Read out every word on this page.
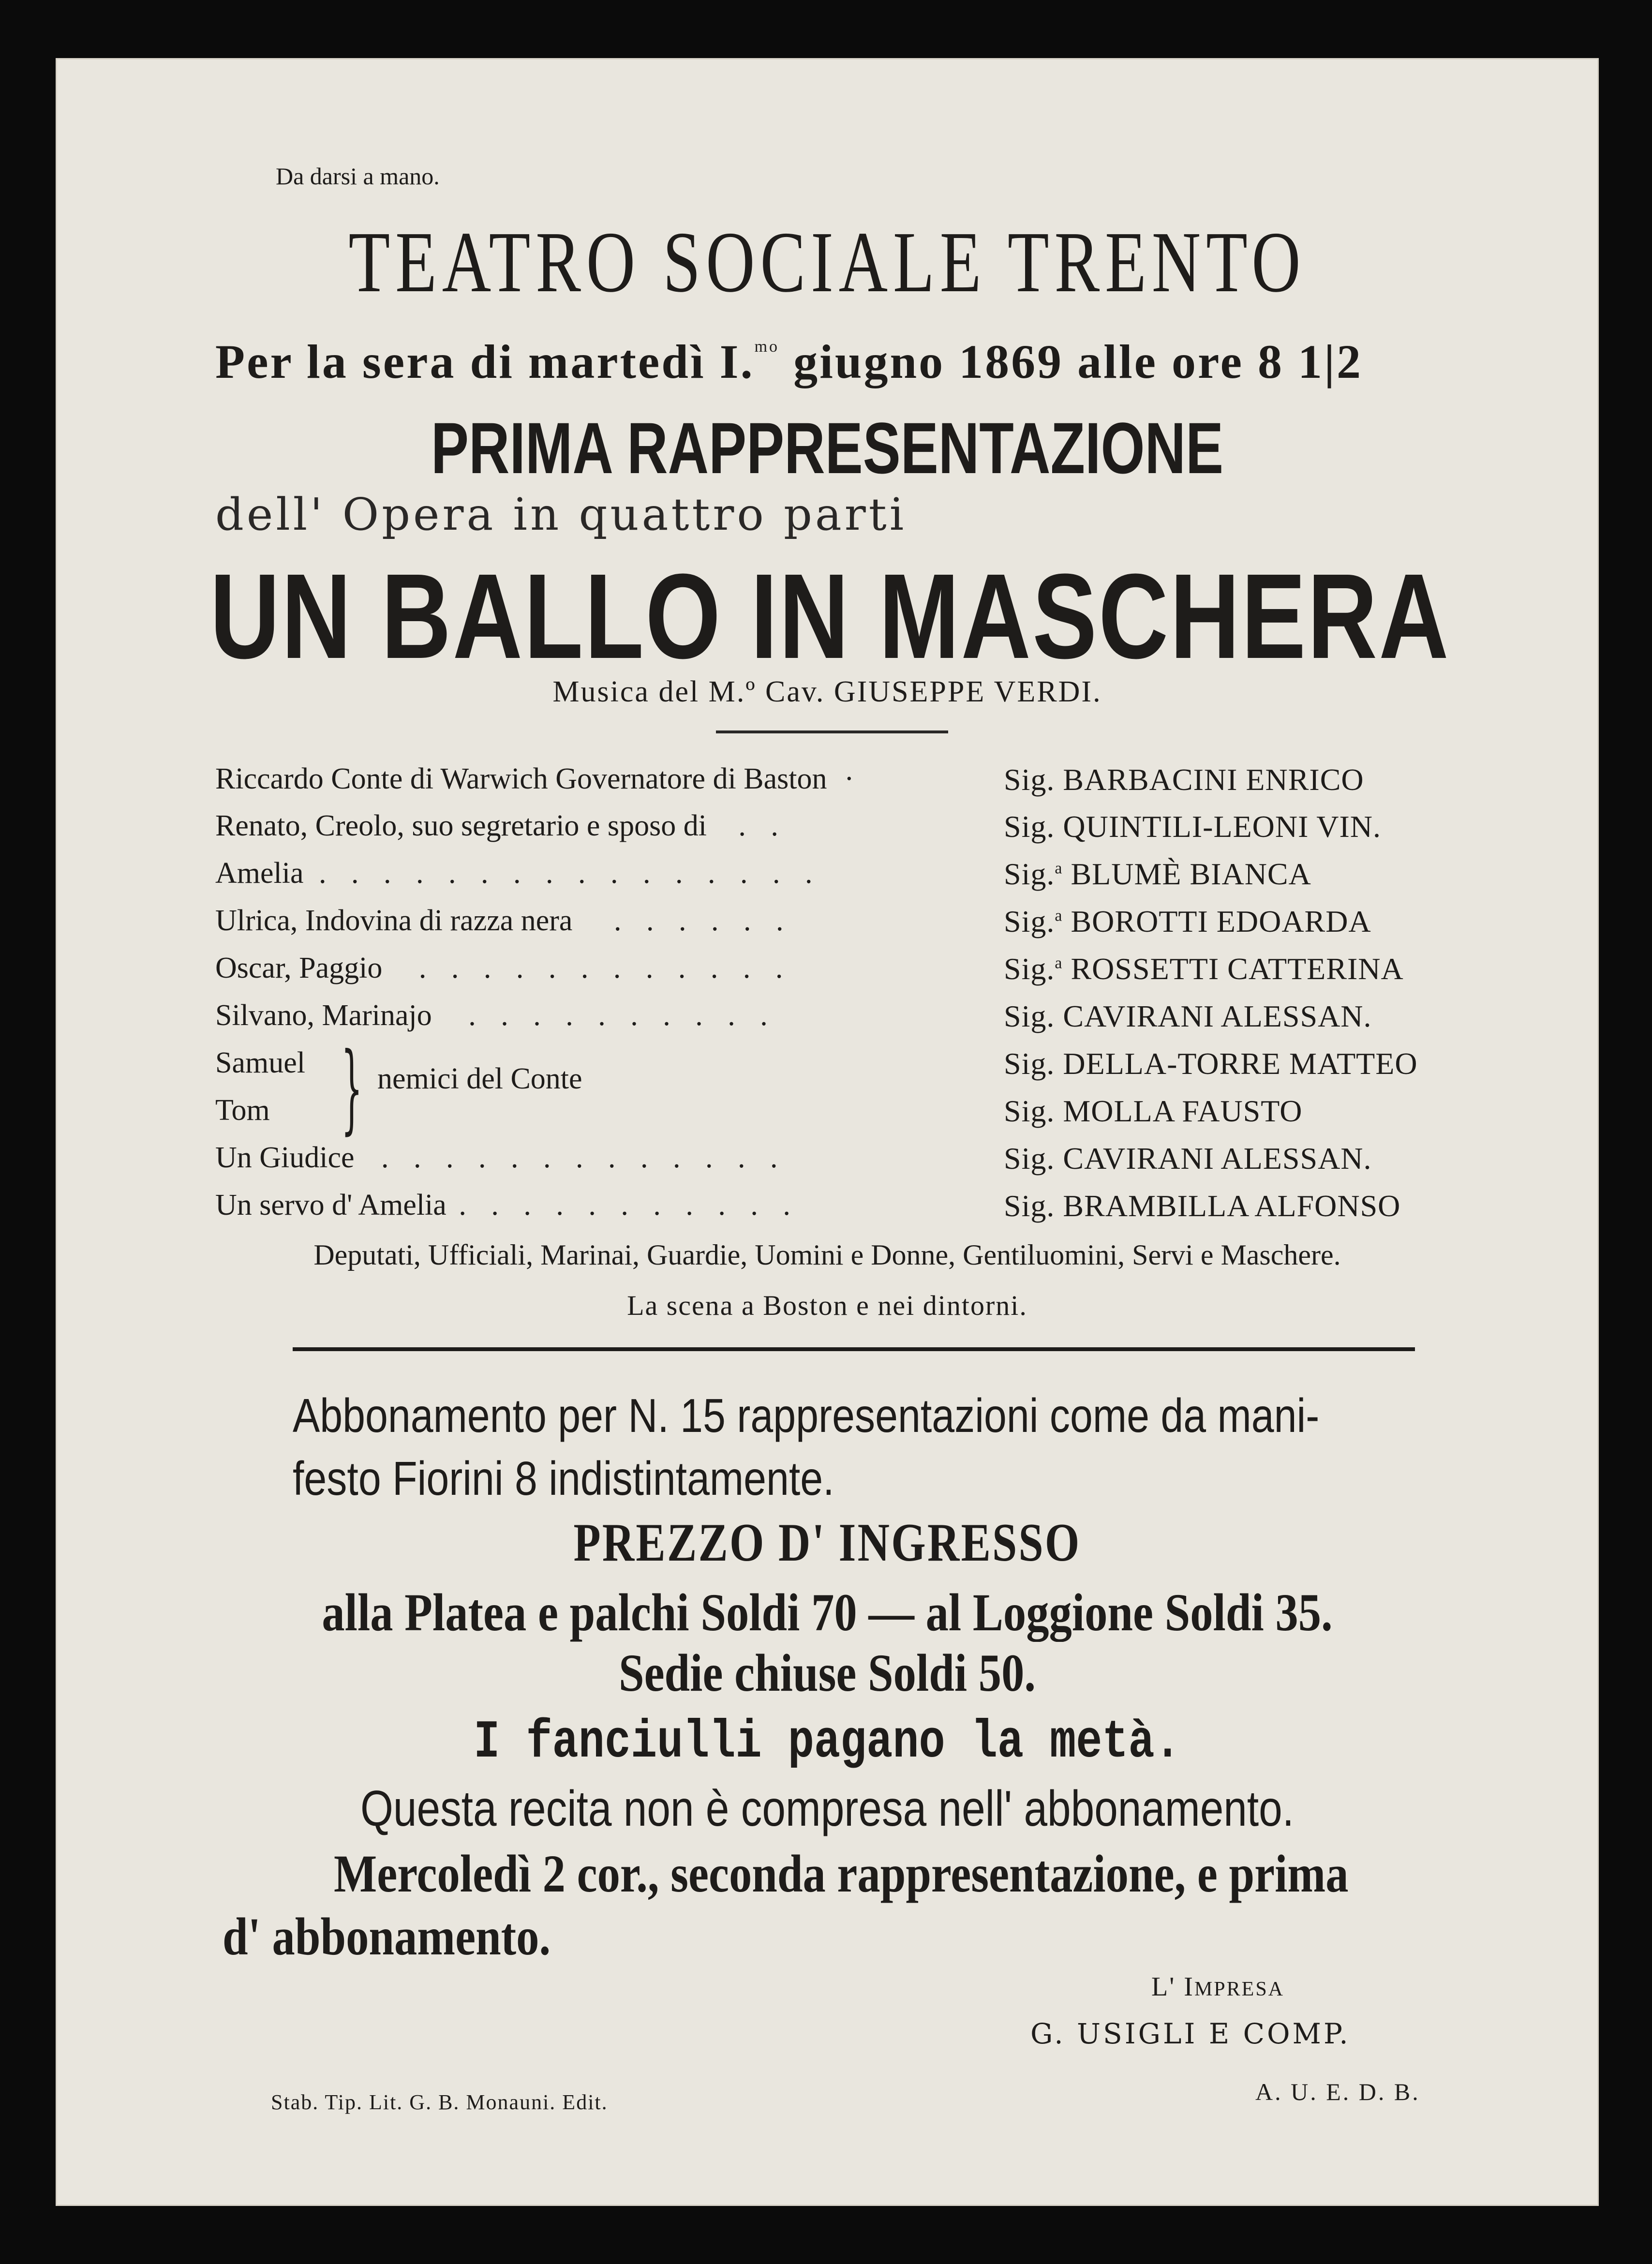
Da darsi a mano.
TEATRO SOCIALE TRENTO
Per la sera di martedì I.$^{mo}$ giugno 1869 alle ore 8 1|2
PRIMA RAPPRESENTAZIONE
dell' Opera in quattro parti
UN BALLO IN MASCHERA
Musica del M.º Cav. GIUSEPPE VERDI.
Riccardo Conte di Warwich Governatore di Baston ·	Sig. BARBACINI ENRICO
Renato, Creolo, suo segretario e sposo di . .	Sig. QUINTILI-LEONI VIN.
Amelia . . . . . . . . . . . . . . . .	Sig.$^a$ BLUMÈ BIANCA
Ulrica, Indovina di razza nera . . . . . .	Sig.$^a$ BOROTTI EDOARDA
Oscar, Paggio . . . . . . . . . . . .	Sig.$^a$ ROSSETTI CATTERINA
Silvano, Marinajo . . . . . . . . . .	Sig. CAVIRANI ALESSAN.
Samuel	Sig. DELLA-TORRE MATTEO
} nemici del Conte
Tom	Sig. MOLLA FAUSTO
Un Giudice . . . . . . . . . . . . .	Sig. CAVIRANI ALESSAN.
Un servo d' Amelia . . . . . . . . . . .	Sig. BRAMBILLA ALFONSO
Deputati, Ufficiali, Marinai, Guardie, Uomini e Donne, Gentiluomini, Servi e Maschere.
La scena a Boston e nei dintorni.
Abbonamento per N. 15 rappresentazioni come da mani-
festo Fiorini 8 indistintamente.
PREZZO D' INGRESSO
alla Platea e palchi Soldi 70 — al Loggione Soldi 35.
Sedie chiuse Soldi 50.
I fanciulli pagano la metà.
Questa recita non è compresa nell' abbonamento.
Mercoledì 2 cor., seconda rappresentazione, e prima
d' abbonamento.
L' IMPRESA
G. USIGLI E COMP.
Stab. Tip. Lit. G. B. Monauni. Edit.	A. U. E. D. B.
